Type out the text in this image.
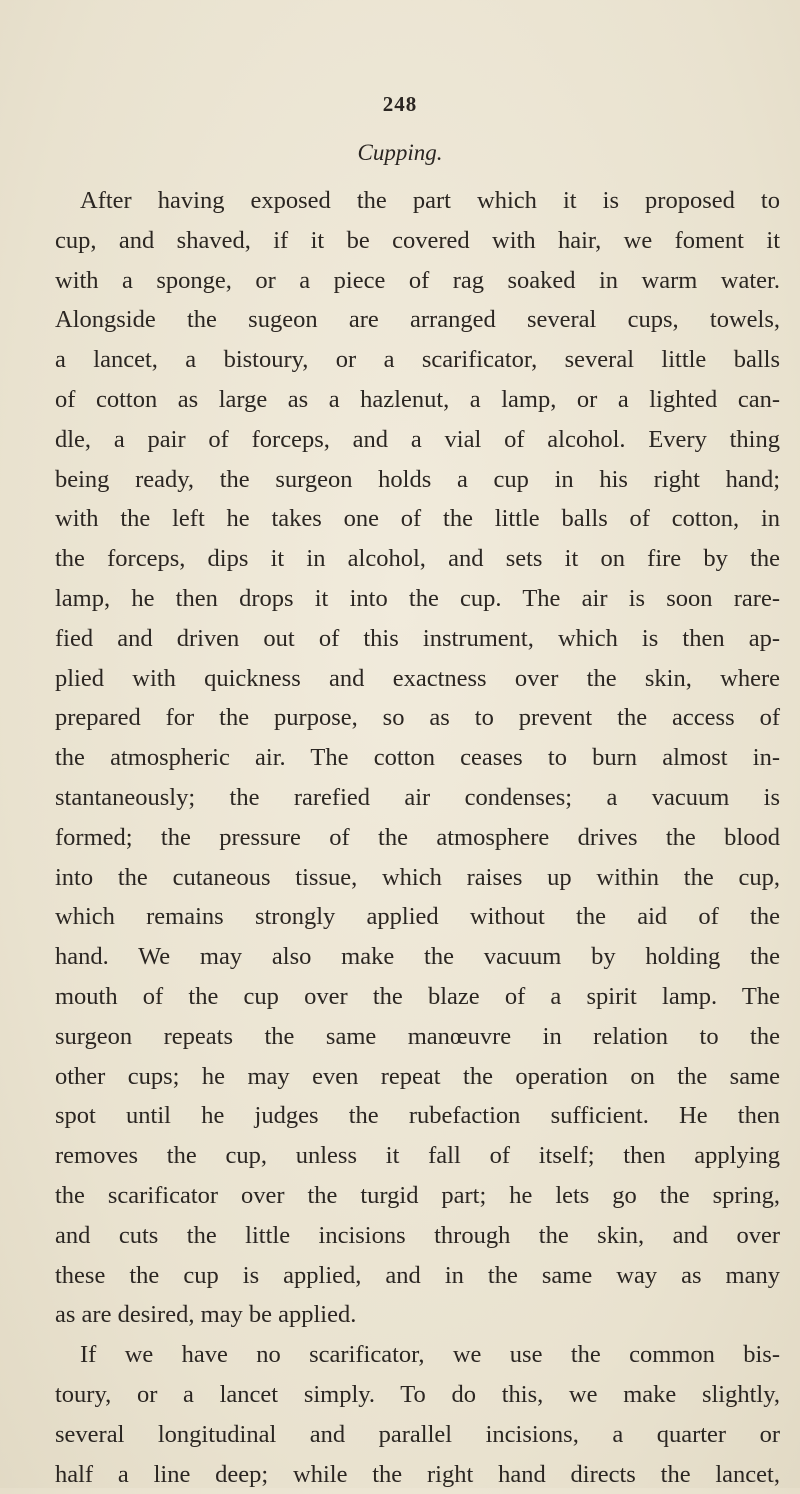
248
Cupping.
After having exposed the part which it is proposed to
cup, and shaved, if it be covered with hair, we foment it
with a sponge, or a piece of rag soaked in warm water.
Alongside the sugeon are arranged several cups, towels,
a lancet, a bistoury, or a scarificator, several little balls
of cotton as large as a hazlenut, a lamp, or a lighted can-
dle, a pair of forceps, and a vial of alcohol. Every thing
being ready, the surgeon holds a cup in his right hand;
with the left he takes one of the little balls of cotton, in
the forceps, dips it in alcohol, and sets it on fire by the
lamp, he then drops it into the cup. The air is soon rare-
fied and driven out of this instrument, which is then ap-
plied with quickness and exactness over the skin, where
prepared for the purpose, so as to prevent the access of
the atmospheric air. The cotton ceases to burn almost in-
stantaneously; the rarefied air condenses; a vacuum is
formed; the pressure of the atmosphere drives the blood
into the cutaneous tissue, which raises up within the cup,
which remains strongly applied without the aid of the
hand. We may also make the vacuum by holding the
mouth of the cup over the blaze of a spirit lamp. The
surgeon repeats the same manœuvre in relation to the
other cups; he may even repeat the operation on the same
spot until he judges the rubefaction sufficient. He then
removes the cup, unless it fall of itself; then applying
the scarificator over the turgid part; he lets go the spring,
and cuts the little incisions through the skin, and over
these the cup is applied, and in the same way as many
as are desired, may be applied.
If we have no scarificator, we use the common bis-
toury, or a lancet simply. To do this, we make slightly,
several longitudinal and parallel incisions, a quarter or
half a line deep; while the right hand directs the lancet,
